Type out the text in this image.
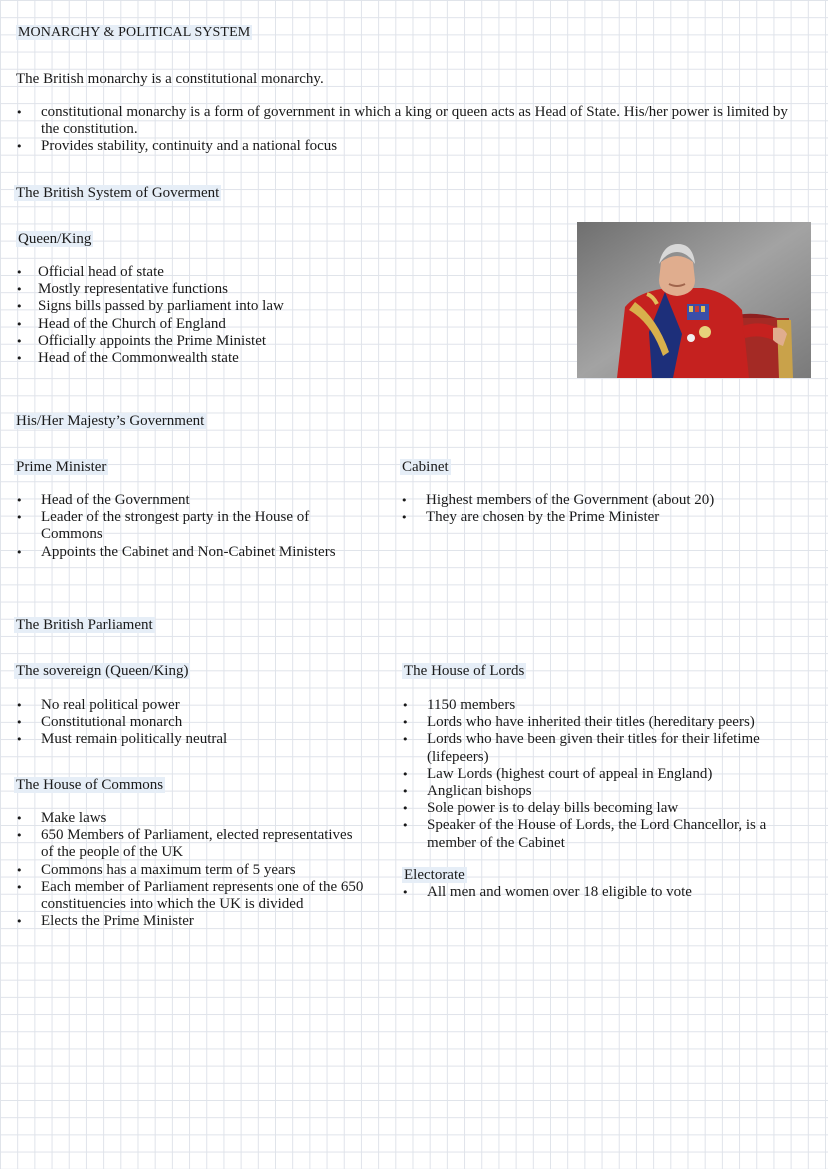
MONARCHY & POLITICAL SYSTEM
The British monarchy is a constitutional monarchy.
• constitutional monarchy is a form of government in which a king or queen acts as Head of State. His/her power is limited by the constitution.
• Provides stability, continuity and a national focus
The British System of Goverment
Queen/King
• Official head of state
• Mostly representative functions
• Signs bills passed by parliament into law
• Head of the Church of England
• Officially appoints the Prime Ministet
• Head of the Commonwealth state
His/Her Majesty’s Government
Prime Minister
• Head of the Government
• Leader of the strongest party in the House of Commons
• Appoints the Cabinet and Non-Cabinet Ministers
Cabinet
• Highest members of the Government (about 20)
• They are chosen by the Prime Minister
The British Parliament
The sovereign (Queen/King)
• No real political power
• Constitutional monarch
• Must remain politically neutral
The House of Commons
• Make laws
• 650 Members of Parliament, elected representatives of the people of the UK
• Commons has a maximum term of 5 years
• Each member of Parliament represents one of the 650 constituencies into which the UK is divided
• Elects the Prime Minister
The House of Lords
• 1150 members
• Lords who have inherited their titles (hereditary peers)
• Lords who have been given their titles for their lifetime (lifepeers)
• Law Lords (highest court of appeal in England)
• Anglican bishops
• Sole power is to delay bills becoming law
• Speaker of the House of Lords, the Lord Chancellor, is a member of the Cabinet
Electorate
• All men and women over 18 eligible to vote
